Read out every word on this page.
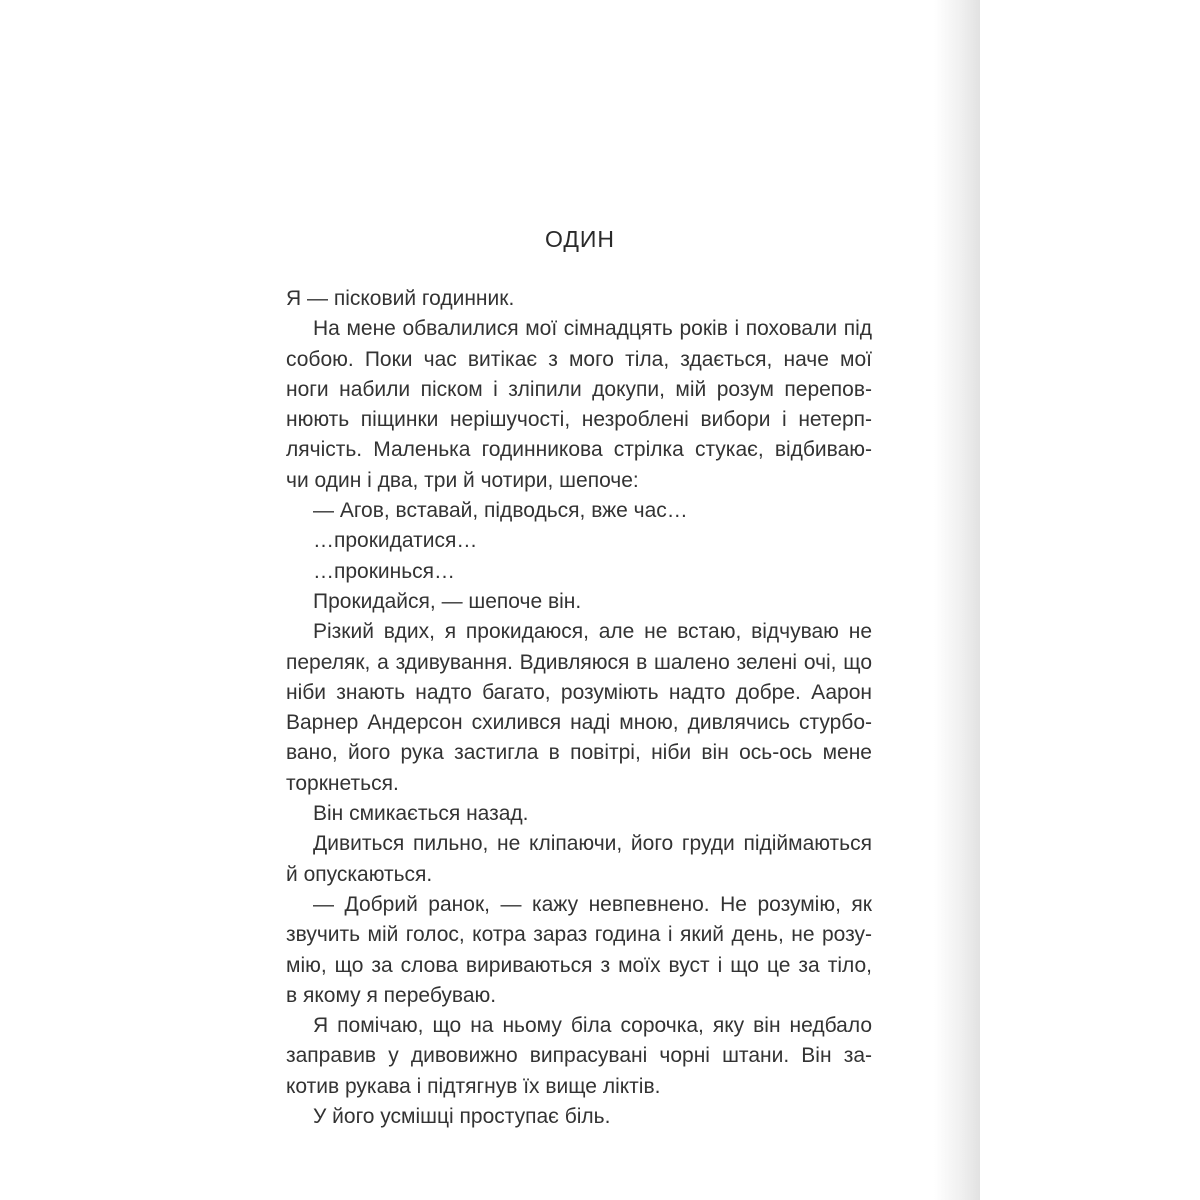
ОДИН
Я — пісковий годинник.
На мене обвалилися мої сімнадцять років і поховали під
собою. Поки час витікає з мого тіла, здається, наче мої
ноги набили піском і зліпили докупи, мій розум перепов-
нюють піщинки нерішучості, незроблені вибори і нетерп-
лячість. Маленька годинникова стрілка стукає, відбиваю-
чи один і два, три й чотири, шепоче:
— Агов, вставай, підводься, вже час…
…прокидатися…
…прокинься…
Прокидайся, — шепоче він.
Різкий вдих, я прокидаюся, але не встаю, відчуваю не
переляк, а здивування. Вдивляюся в шалено зелені очі, що
ніби знають надто багато, розуміють надто добре. Аарон
Варнер Андерсон схилився наді мною, дивлячись стурбо-
вано, його рука застигла в повітрі, ніби він ось-ось мене
торкнеться.
Він смикається назад.
Дивиться пильно, не кліпаючи, його груди підіймаються
й опускаються.
— Добрий ранок, — кажу невпевнено. Не розумію, як
звучить мій голос, котра зараз година і який день, не розу-
мію, що за слова вириваються з моїх вуст і що це за тіло,
в якому я перебуваю.
Я помічаю, що на ньому біла сорочка, яку він недбало
заправив у дивовижно випрасувані чорні штани. Він за-
котив рукава і підтягнув їх вище ліктів.
У його усмішці проступає біль.
